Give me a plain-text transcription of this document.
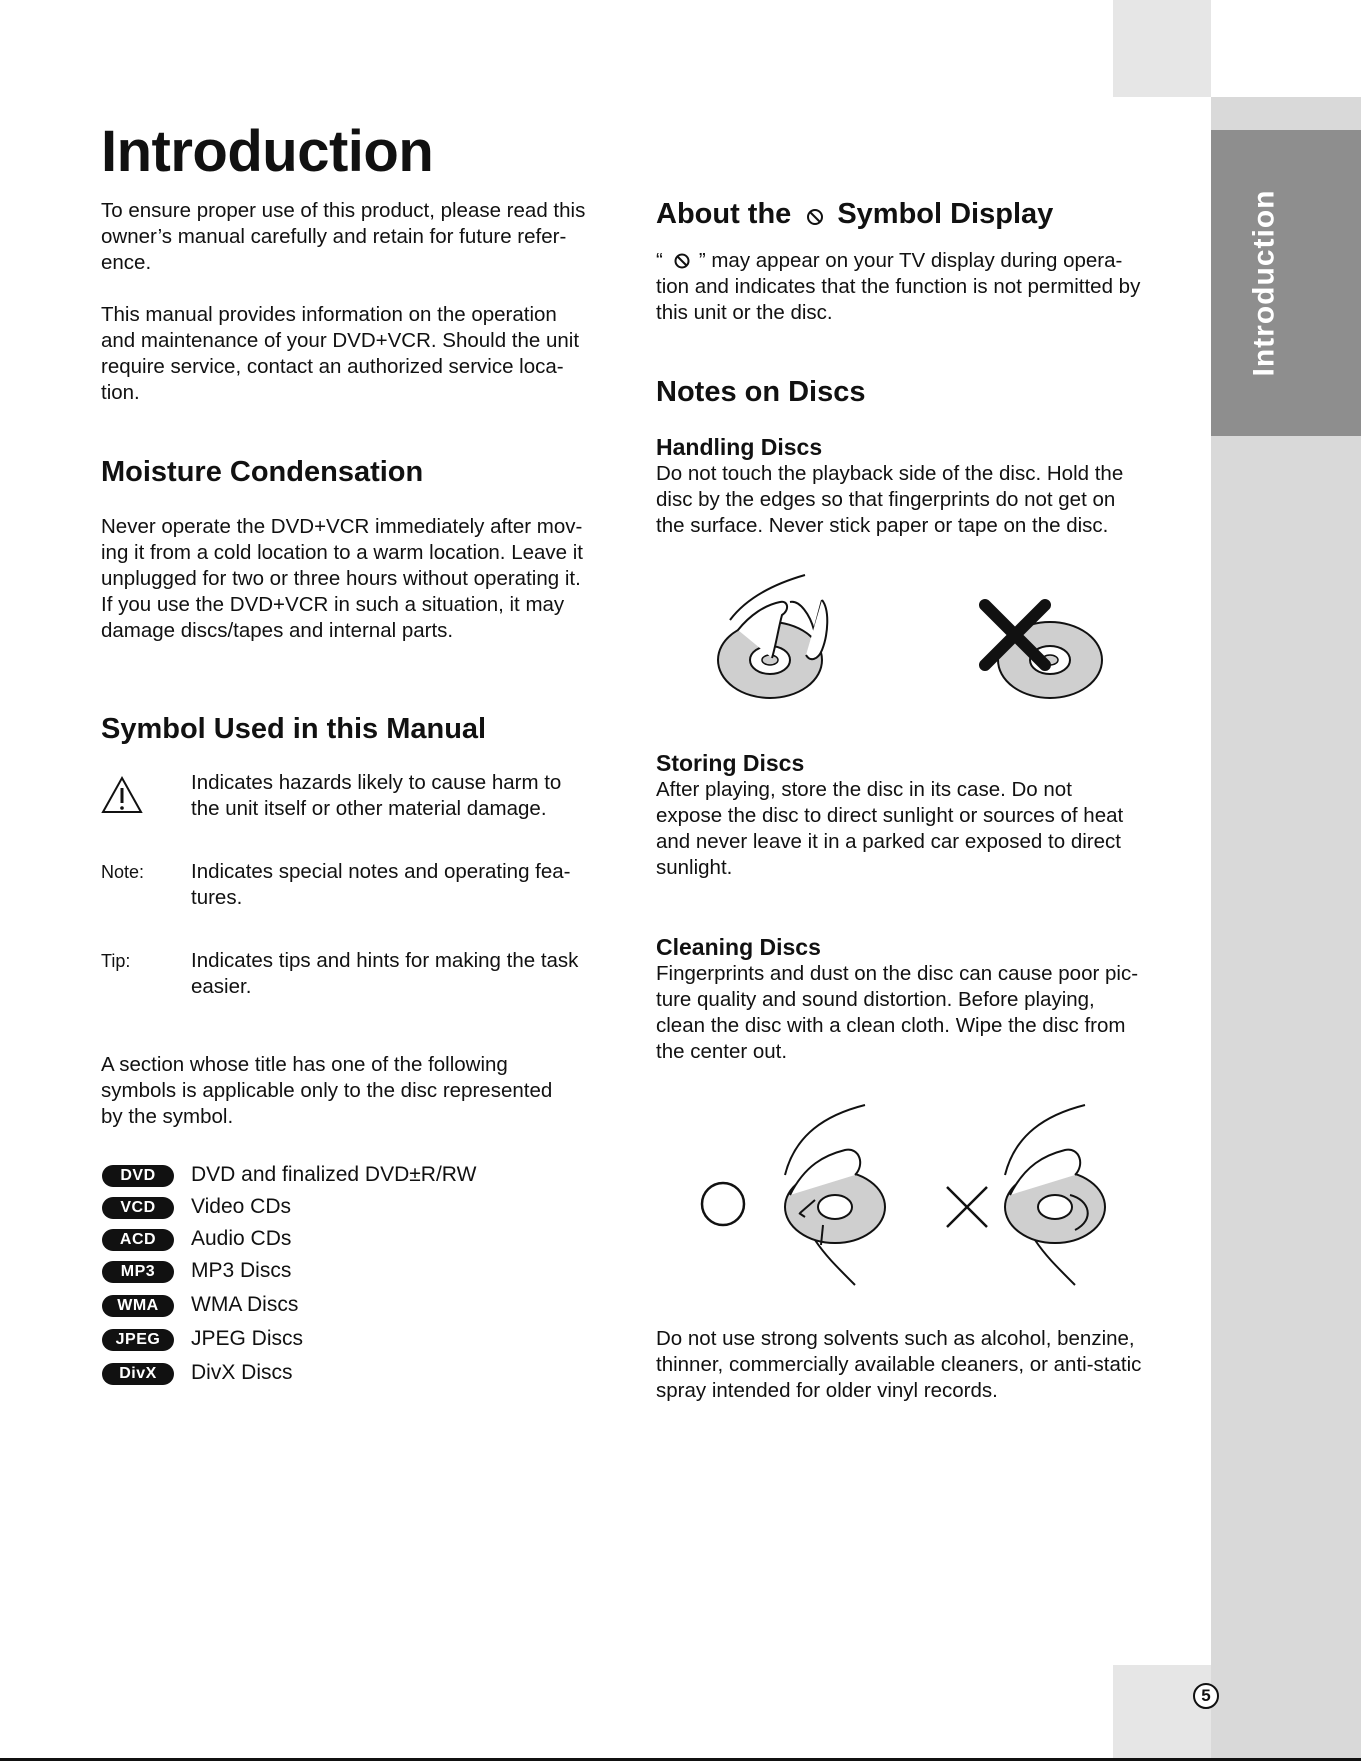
Introduction
5
Introduction
To ensure proper use of this product, please read this
owner’s manual carefully and retain for future refer-
ence.
This manual provides information on the operation
and maintenance of your DVD+VCR. Should the unit
require service, contact an authorized service loca-
tion.
Moisture Condensation
Never operate the DVD+VCR immediately after mov-
ing it from a cold location to a warm location. Leave it
unplugged for two or three hours without operating it.
If you use the DVD+VCR in such a situation, it may
damage discs/tapes and internal parts.
Symbol Used in this Manual
Indicates hazards likely to cause harm to
the unit itself or other material damage.
Note: Indicates special notes and operating fea-
tures.
Tip:	Indicates tips and hints for making the task
easier.
A section whose title has one of the following
symbols is applicable only to the disc represented
by the symbol.
DVD	DVD and finalized DVD±R/RW
VCD	Video CDs
ACD	Audio CDs
MP3	MP3 Discs
WMA	WMA Discs
JPEG	JPEG Discs
DivX	DivX Discs
About the Symbol Display
“ ” may appear on your TV display during opera-
tion and indicates that the function is not permitted by
this unit or the disc.
Notes on Discs
Handling Discs
Do not touch the playback side of the disc. Hold the
disc by the edges so that fingerprints do not get on
the surface. Never stick paper or tape on the disc.
Storing Discs
After playing, store the disc in its case. Do not
expose the disc to direct sunlight or sources of heat
and never leave it in a parked car exposed to direct
sunlight.
Cleaning Discs
Fingerprints and dust on the disc can cause poor pic-
ture quality and sound distortion. Before playing,
clean the disc with a clean cloth. Wipe the disc from
the center out.
Do not use strong solvents such as alcohol, benzine,
thinner, commercially available cleaners, or anti-static
spray intended for older vinyl records.
